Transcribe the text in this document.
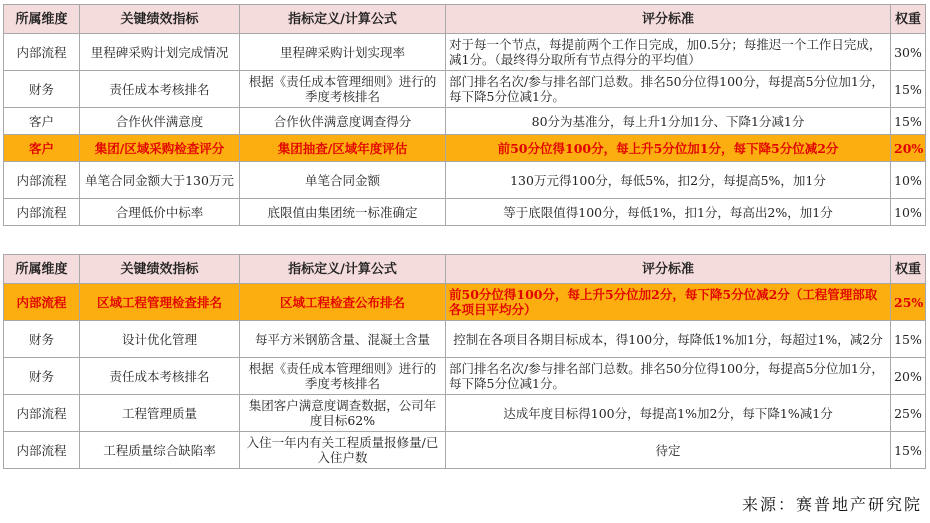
所属维度	关键绩效指标	指标定义/计算公式	评分标准	权重
内部流程	里程碑采购计划完成情况	里程碑采购计划实现率	对于每一个节点，每提前两个工作日完成，加0.5分；每推迟一个工作日完成，减1分。（最终得分取所有节点得分的平均值）	30%
财务	责任成本考核排名	根据《责任成本管理细则》进行的季度考核排名	部门排名名次/参与排名部门总数。排名50分位得100分，每提高5分位加1分，每下降5分位减1分。	15%
客户	合作伙伴满意度	合作伙伴满意度调查得分	80分为基准分，每上升1分加1分、下降1分减1分	15%
客户	集团/区域采购检查评分	集团抽查/区域年度评估	前50分位得100分，每上升5分位加1分，每下降5分位减2分	20%
内部流程	单笔合同金额大于130万元	单笔合同金额	130万元得100分，每低5%，扣2分，每提高5%，加1分	10%
内部流程	合理低价中标率	底限值由集团统一标准确定	等于底限值得100分，每低1%，扣1分，每高出2%，加1分	10%
所属维度	关键绩效指标	指标定义/计算公式	评分标准	权重
内部流程	区域工程管理检查排名	区域工程检查公布排名	前50分位得100分，每上升5分位加2分，每下降5分位减2分（工程管理部取各项目平均分）	25%
财务	设计优化管理	每平方米钢筋含量、混凝土含量	控制在各项目各期目标成本，得100分，每降低1%加1分，每超过1%，减2分	15%
财务	责任成本考核排名	根据《责任成本管理细则》进行的季度考核排名	部门排名名次/参与排名部门总数。排名50分位得100分，每提高5分位加1分，每下降5分位减1分。	20%
内部流程	工程管理质量	集团客户满意度调查数据，公司年度目标62%	达成年度目标得100分，每提高1%加2分，每下降1%减1分	25%
内部流程	工程质量综合缺陷率	入住一年内有关工程质量报修量/已入住户数	待定	15%
来源：赛普地产研究院
